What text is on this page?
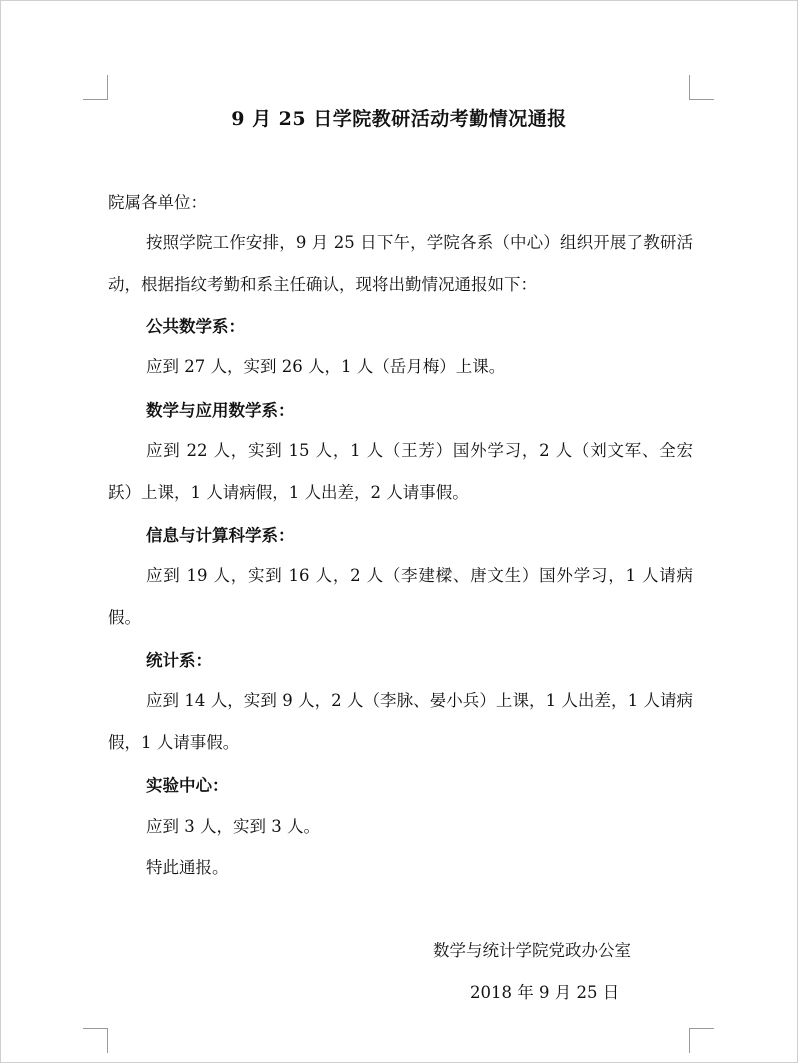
9 月 25 日学院教研活动考勤情况通报
院属各单位：

按照学院工作安排，9 月 25 日下午，学院各系（中心）组织开展了教研活动，根据指纹考勤和系主任确认，现将出勤情况通报如下：

公共数学系：

应到 27 人，实到 26 人，1 人（岳月梅）上课。

数学与应用数学系：

应到 22 人，实到 15 人，1 人（王芳）国外学习，2 人（刘文军、全宏跃）上课，1 人请病假，1 人出差，2 人请事假。

信息与计算科学系：

应到 19 人，实到 16 人，2 人（李建樑、唐文生）国外学习，1 人请病假。

统计系：

应到 14 人，实到 9 人，2 人（李脉、晏小兵）上课，1 人出差，1 人请病假，1 人请事假。

实验中心：

应到 3 人，实到 3 人。

特此通报。

数学与统计学院党政办公室
2018 年 9 月 25 日
